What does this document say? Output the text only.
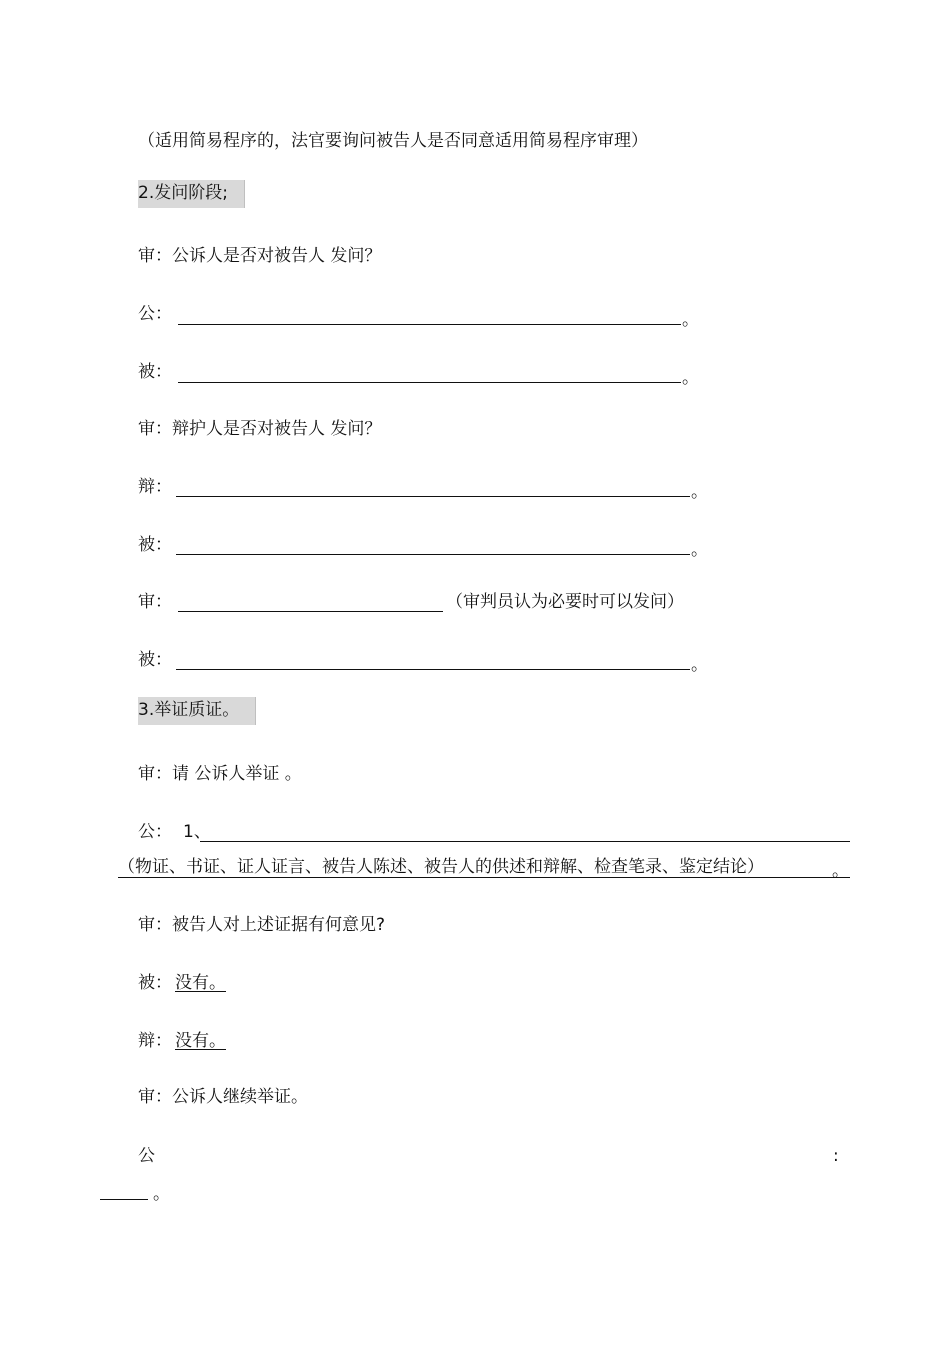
（适用简易程序的，法官要询问被告人是否同意适用简易程序审理）
2.发问阶段;
审：公诉人是否对被告人 发问？
公：	。
被：	。
审：辩护人是否对被告人 发问？
辩：	。
被：	。
审：	（审判员认为必要时可以发问）
被：	。
3.举证质证。
审：请 公诉人举证 。
公： 1、
（物证、书证、证人证言、被告人陈述、被告人的供述和辩解、检查笔录、鉴定结论）	。
审：被告人对上述证据有何意见?
被： 没有。
辩： 没有。
审：公诉人继续举证。
公	:
。
